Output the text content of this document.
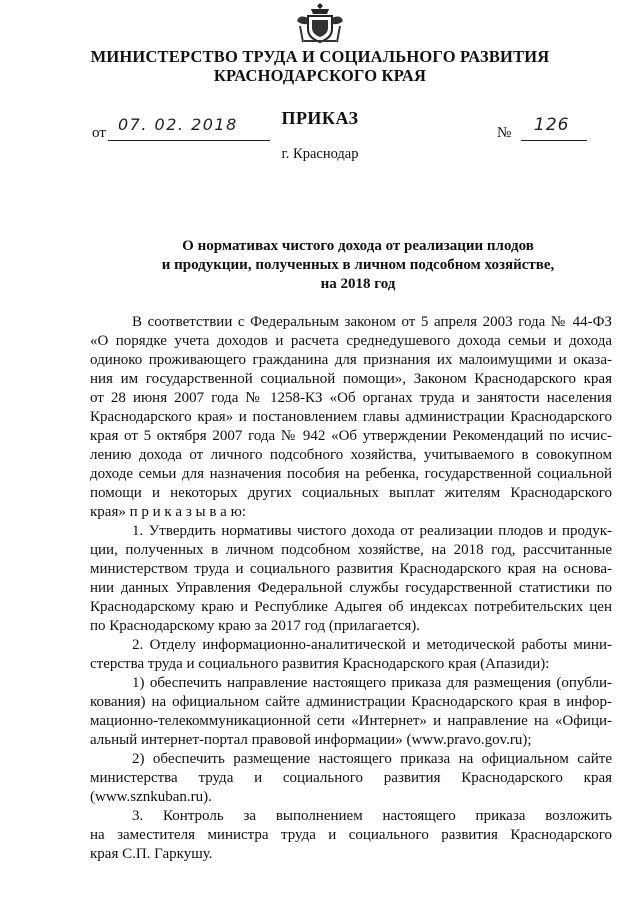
МИНИСТЕРСТВО ТРУДА И СОЦИАЛЬНОГО РАЗВИТИЯ
КРАСНОДАРСКОГО КРАЯ
ПРИКАЗ
от 07. 02. 2018	№ 126
г. Краснодар
О нормативах чистого дохода от реализации плодов
и продукции, полученных в личном подсобном хозяйстве,
на 2018 год
В соответствии с Федеральным законом от 5 апреля 2003 года № 44-ФЗ
«О порядке учета доходов и расчета среднедушевого дохода семьи и дохода
одиноко проживающего гражданина для признания их малоимущими и оказа-
ния им государственной социальной помощи», Законом Краснодарского края
от 28 июня 2007 года № 1258-КЗ «Об органах труда и занятости населения
Краснодарского края» и постановлением главы администрации Краснодарского
края от 5 октября 2007 года № 942 «Об утверждении Рекомендаций по исчис-
лению дохода от личного подсобного хозяйства, учитываемого в совокупном
доходе семьи для назначения пособия на ребенка, государственной социальной
помощи и некоторых других социальных выплат жителям Краснодарского
края» п р и к а з ы в а ю:
1. Утвердить нормативы чистого дохода от реализации плодов и продук-
ции, полученных в личном подсобном хозяйстве, на 2018 год, рассчитанные
министерством труда и социального развития Краснодарского края на основа-
нии данных Управления Федеральной службы государственной статистики по
Краснодарскому краю и Республике Адыгея об индексах потребительских цен
по Краснодарскому краю за 2017 год (прилагается).
2. Отделу информационно-аналитической и методической работы мини-
стерства труда и социального развития Краснодарского края (Апазиди):
1) обеспечить направление настоящего приказа для размещения (опубли-
кования) на официальном сайте администрации Краснодарского края в инфор-
мационно-телекоммуникационной сети «Интернет» и направление на «Офици-
альный интернет-портал правовой информации» (www.pravo.gov.ru);
2) обеспечить размещение настоящего приказа на официальном сайте
министерства труда и социального развития Краснодарского края
(www.sznkuban.ru).
3. Контроль за выполнением настоящего приказа возложить
на заместителя министра труда и социального развития Краснодарского
края С.П. Гаркушу.
